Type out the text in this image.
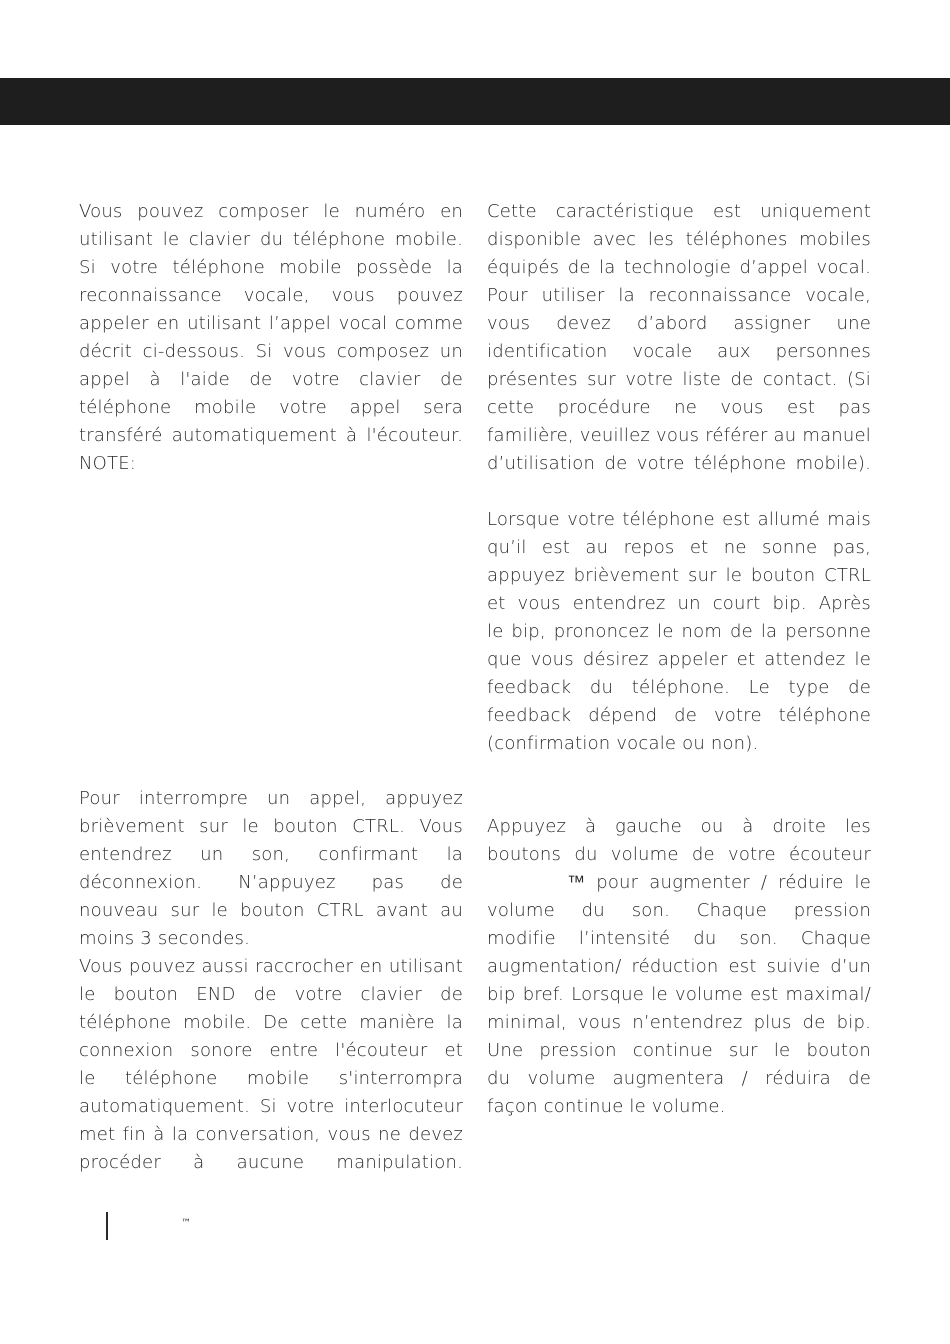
Vous pouvez composer le numéro en

utilisant le clavier du téléphone mobile.

Si votre téléphone mobile possède la

reconnaissance vocale, vous pouvez

appeler en utilisant l’appel vocal comme

décrit ci-dessous. Si vous composez un

appel à l'aide de votre clavier de

téléphone mobile votre appel sera

transféré automatiquement à l'écouteur.

NOTE:

Pour interrompre un appel, appuyez

brièvement sur le bouton CTRL. Vous

entendrez un son, confirmant la

déconnexion. N’appuyez pas de

nouveau sur le bouton CTRL avant au

moins 3 secondes.

Vous pouvez aussi raccrocher en utilisant

le bouton END de votre clavier de

téléphone mobile. De cette manière la

connexion sonore entre l'écouteur et

le téléphone mobile s'interrompra

automatiquement. Si votre interlocuteur

met fin à la conversation, vous ne devez

procéder à aucune manipulation.

Cette caractéristique est uniquement

disponible avec les téléphones mobiles

équipés de la technologie d’appel vocal.

Pour utiliser la reconnaissance vocale,

vous devez d’abord assigner une

identification vocale aux personnes

présentes sur votre liste de contact. (Si

cette procédure ne vous est pas

familière, veuillez vous référer au manuel

d’utilisation de votre téléphone mobile).

Lorsque votre téléphone est allumé mais

qu’il est au repos et ne sonne pas,

appuyez brièvement sur le bouton CTRL

et vous entendrez un court bip. Après

le bip, prononcez le nom de la personne

que vous désirez appeler et attendez le

feedback du téléphone. Le type de

feedback dépend de votre téléphone

(confirmation vocale ou non).

Appuyez à gauche ou à droite les

boutons du volume de votre écouteur

™ pour augmenter / réduire le

volume du son. Chaque pression

modifie l’intensité du son. Chaque

augmentation/ réduction est suivie d’un

bip bref. Lorsque le volume est maximal/

minimal, vous n’entendrez plus de bip.

Une pression continue sur le bouton

du volume augmentera / réduira de

façon continue le volume.

™
